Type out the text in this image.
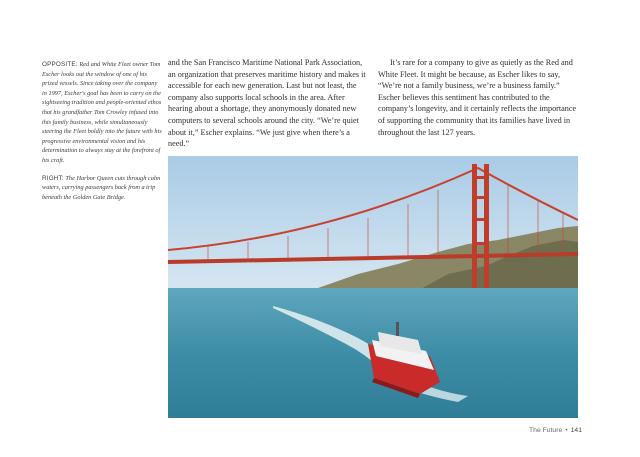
OPPOSITE: Red and White Fleet owner Tom Escher looks out the window of one of his prized vessels. Since taking over the company in 1997, Escher's goal has been to carry on the sightseeing tradition and people-oriented ethos that his grandfather Tom Crowley infused into this family business, while simultaneously steering the Fleet boldly into the future with his progressive environmental vision and his determination to always stay at the forefront of his craft.

RIGHT: The Harbor Queen cuts through calm waters, carrying passengers back from a trip beneath the Golden Gate Bridge.

and the San Francisco Maritime National Park Association, an organization that preserves maritime history and makes it accessible for each new generation. Last but not least, the company also supports local schools in the area. After hearing about a shortage, they anonymously donated new computers to several schools around the city. “We’re quiet about it,” Escher explains. “We just give when there’s a need.”

It’s rare for a company to give as quietly as the Red and White Fleet. It might be because, as Escher likes to say, “We’re not a family business, we’re a business family.” Escher believes this sentiment has contributed to the company’s longevity, and it certainly reflects the importance of supporting the community that its families have lived in throughout the last 127 years.

The Future • 141
